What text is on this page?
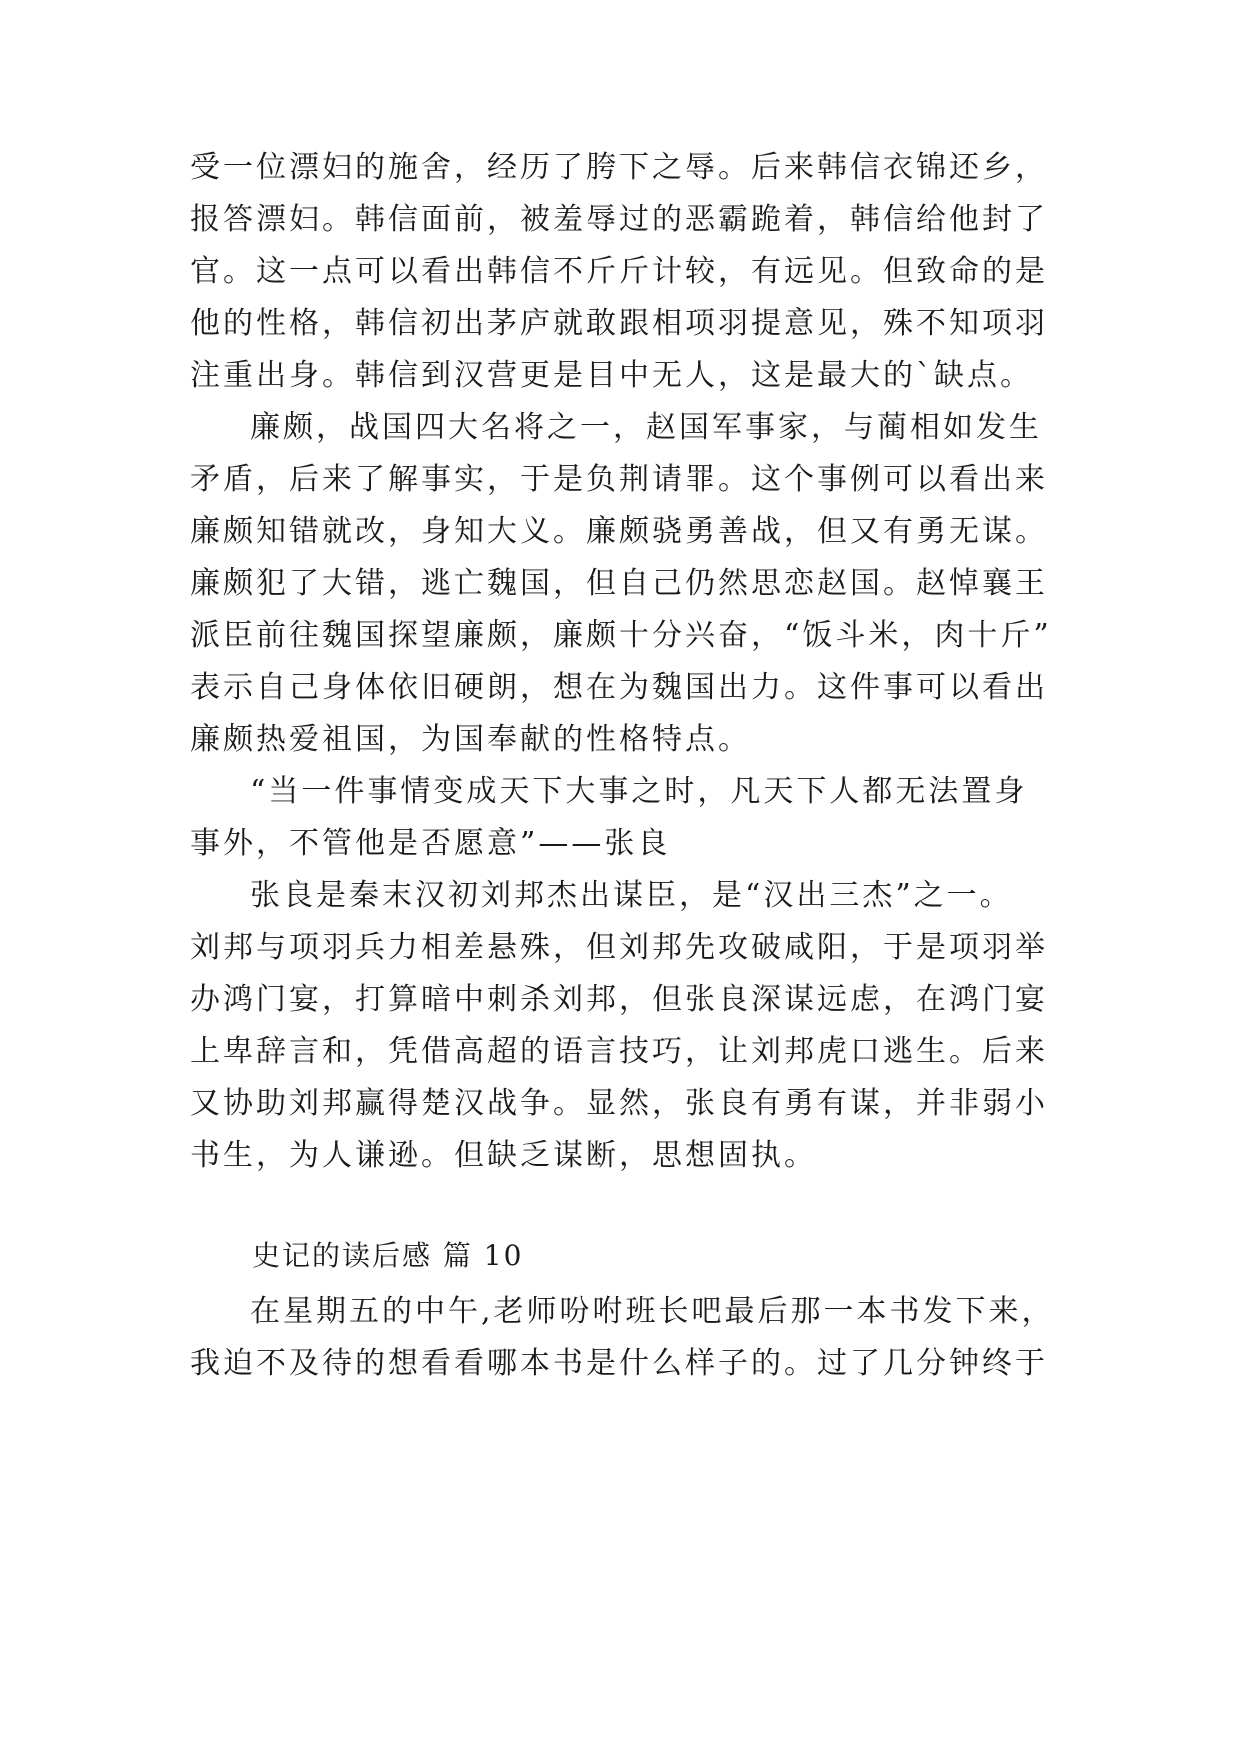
受一位漂妇的施舍，经历了胯下之辱。后来韩信衣锦还乡，
报答漂妇。韩信面前，被羞辱过的恶霸跪着，韩信给他封了
官。这一点可以看出韩信不斤斤计较，有远见。但致命的是
他的性格，韩信初出茅庐就敢跟相项羽提意见，殊不知项羽
注重出身。韩信到汉营更是目中无人，这是最大的`缺点。
廉颇，战国四大名将之一，赵国军事家，与蔺相如发生
矛盾，后来了解事实，于是负荆请罪。这个事例可以看出来
廉颇知错就改，身知大义。廉颇骁勇善战，但又有勇无谋。
廉颇犯了大错，逃亡魏国，但自己仍然思恋赵国。赵悼襄王
派臣前往魏国探望廉颇，廉颇十分兴奋，“饭斗米，肉十斤”
表示自己身体依旧硬朗，想在为魏国出力。这件事可以看出
廉颇热爱祖国，为国奉献的性格特点。
“当一件事情变成天下大事之时，凡天下人都无法置身
事外，不管他是否愿意”——张良
张良是秦末汉初刘邦杰出谋臣，是“汉出三杰”之一。
刘邦与项羽兵力相差悬殊，但刘邦先攻破咸阳，于是项羽举
办鸿门宴，打算暗中刺杀刘邦，但张良深谋远虑，在鸿门宴
上卑辞言和，凭借高超的语言技巧，让刘邦虎口逃生。后来
又协助刘邦赢得楚汉战争。显然，张良有勇有谋，并非弱小
书生，为人谦逊。但缺乏谋断，思想固执。
史记的读后感 篇 10
在星期五的中午,老师吩咐班长吧最后那一本书发下来，
我迫不及待的想看看哪本书是什么样子的。过了几分钟终于
